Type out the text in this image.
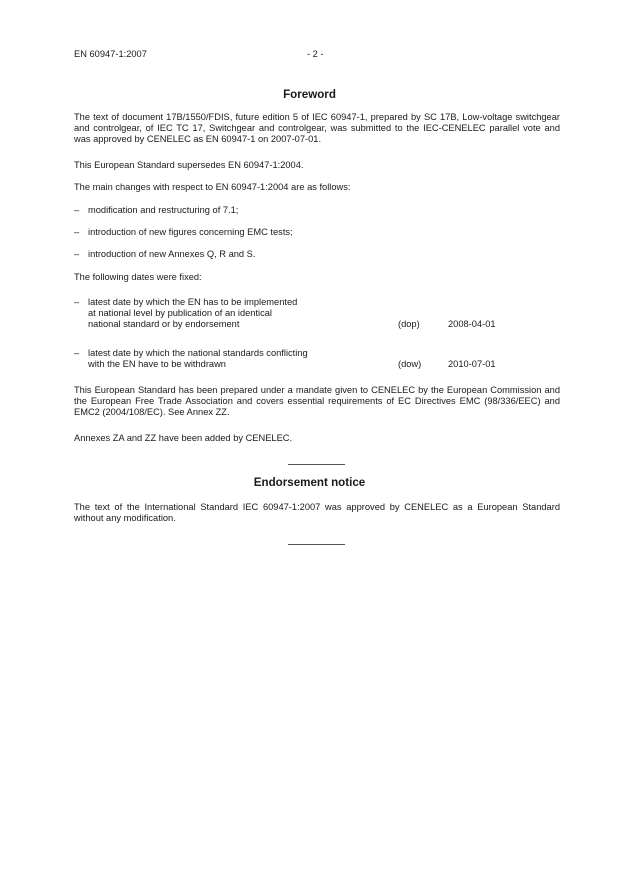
EN 60947-1:2007	- 2 -
Foreword

The text of document 17B/1550/FDIS, future edition 5 of IEC 60947-1, prepared by SC 17B, Low-voltage switchgear and controlgear, of IEC TC 17, Switchgear and controlgear, was submitted to the IEC-CENELEC parallel vote and was approved by CENELEC as EN 60947-1 on 2007-07-01.

This European Standard supersedes EN 60947-1:2004.

The main changes with respect to EN 60947-1:2004 are as follows:

– modification and restructuring of 7.1;
– introduction of new figures concerning EMC tests;
– introduction of new Annexes Q, R and S.

The following dates were fixed:

– latest date by which the EN has to be implemented
at national level by publication of an identical
national standard or by endorsement	(dop)	2008-04-01
– latest date by which the national standards conflicting
with the EN have to be withdrawn	(dow)	2010-07-01

This European Standard has been prepared under a mandate given to CENELEC by the European Commission and the European Free Trade Association and covers essential requirements of EC Directives EMC (98/336/EEC) and EMC2 (2004/108/EC). See Annex ZZ.

Annexes ZA and ZZ have been added by CENELEC.

Endorsement notice

The text of the International Standard IEC 60947-1:2007 was approved by CENELEC as a European Standard without any modification.
